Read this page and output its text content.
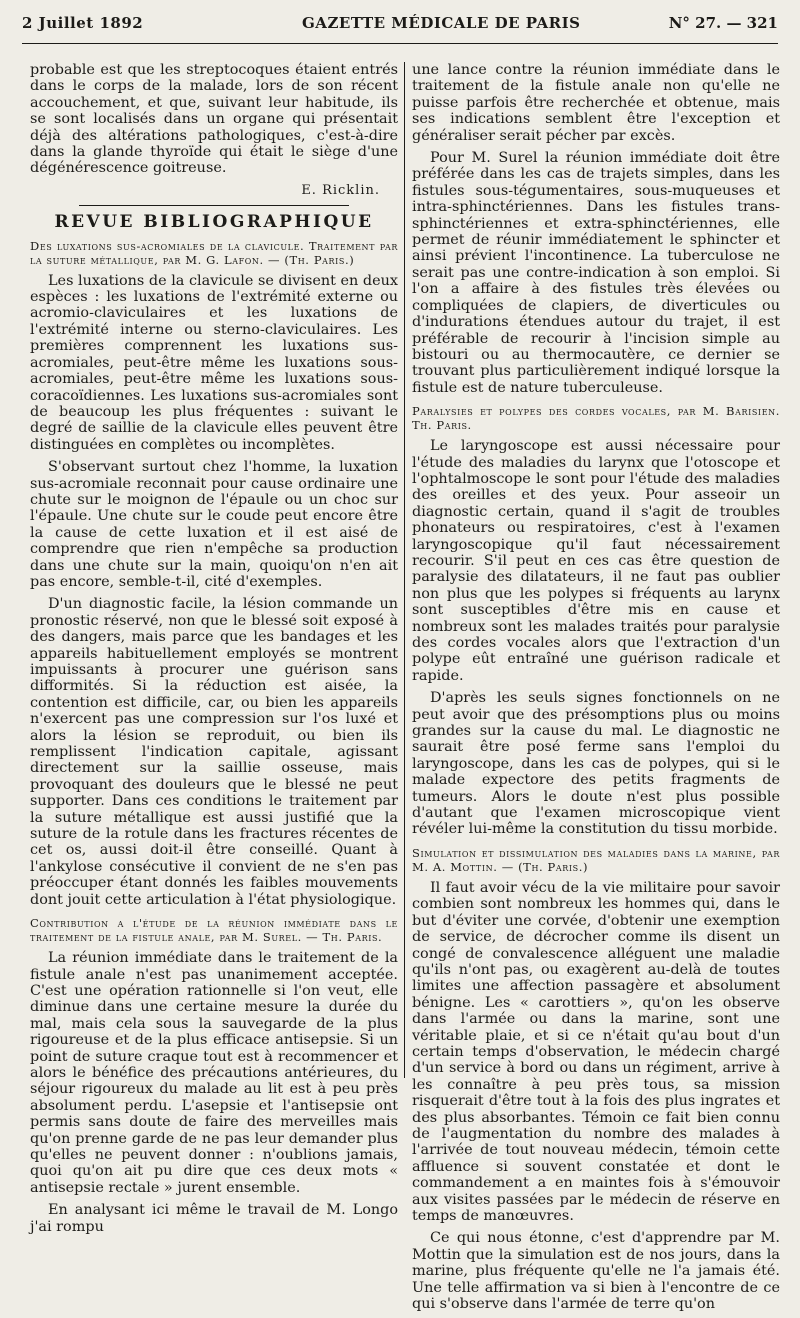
2 Juillet 1892	GAZETTE MÉDICALE DE PARIS	N° 27. — 321

probable est que les streptocoques étaient entrés dans le corps de la malade, lors de son récent accouchement, et que, suivant leur habitude, ils se sont localisés dans un organe qui présentait déjà des altérations pathologiques, c'est-à-dire dans la glande thyroïde qui était le siège d'une dégénérescence goitreuse.

E. Ricklin.
REVUE BIBLIOGRAPHIQUE

Des luxations sus-acromiales de la clavicule. Traitement par la suture métallique, par M. G. Lafon. — (Th. Paris.)

Les luxations de la clavicule se divisent en deux espèces : les luxations de l'extrémité externe ou acromio-claviculaires et les luxations de l'extrémité interne ou sterno-claviculaires. Les premières comprennent les luxations sus-acromiales, peut-être même les luxations sous-acromiales, peut-être même les luxations sous-coracoïdiennes. Les luxations sus-acromiales sont de beaucoup les plus fréquentes : suivant le degré de saillie de la clavicule elles peuvent être distinguées en complètes ou incomplètes.

S'observant surtout chez l'homme, la luxation sus-acromiale reconnait pour cause ordinaire une chute sur le moignon de l'épaule ou un choc sur l'épaule. Une chute sur le coude peut encore être la cause de cette luxation et il est aisé de comprendre que rien n'empêche sa production dans une chute sur la main, quoiqu'on n'en ait pas encore, semble-t-il, cité d'exemples.

D'un diagnostic facile, la lésion commande un pronostic réservé, non que le blessé soit exposé à des dangers, mais parce que les bandages et les appareils habituellement employés se montrent impuissants à procurer une guérison sans difformités. Si la réduction est aisée, la contention est difficile, car, ou bien les appareils n'exercent pas une compression sur l'os luxé et alors la lésion se reproduit, ou bien ils remplissent l'indication capitale, agissant directement sur la saillie osseuse, mais provoquant des douleurs que le blessé ne peut supporter. Dans ces conditions le traitement par la suture métallique est aussi justifié que la suture de la rotule dans les fractures récentes de cet os, aussi doit-il être conseillé. Quant à l'ankylose consécutive il convient de ne s'en pas préoccuper étant donnés les faibles mouvements dont jouit cette articulation à l'état physiologique.

Contribution a l'étude de la réunion immédiate dans le traitement de la fistule anale, par M. Surel. — Th. Paris.

La réunion immédiate dans le traitement de la fistule anale n'est pas unanimement acceptée. C'est une opération rationnelle si l'on veut, elle diminue dans une certaine mesure la durée du mal, mais cela sous la sauvegarde de la plus rigoureuse et de la plus efficace antisepsie. Si un point de suture craque tout est à recommencer et alors le bénéfice des précautions antérieures, du séjour rigoureux du malade au lit est à peu près absolument perdu. L'asepsie et l'antisepsie ont permis sans doute de faire des merveilles mais qu'on prenne garde de ne pas leur demander plus qu'elles ne peuvent donner : n'oublions jamais, quoi qu'on ait pu dire que ces deux mots « antisepsie rectale » jurent ensemble.

En analysant ici même le travail de M. Longo j'ai rompu

une lance contre la réunion immédiate dans le traitement de la fistule anale non qu'elle ne puisse parfois être recherchée et obtenue, mais ses indications semblent être l'exception et généraliser serait pécher par excès.

Pour M. Surel la réunion immédiate doit être préférée dans les cas de trajets simples, dans les fistules sous-tégumentaires, sous-muqueuses et intra-sphinctériennes. Dans les fistules trans-sphinctériennes et extra-sphinctériennes, elle permet de réunir immédiatement le sphincter et ainsi prévient l'incontinence. La tuberculose ne serait pas une contre-indication à son emploi. Si l'on a affaire à des fistules très élevées ou compliquées de clapiers, de diverticules ou d'indurations étendues autour du trajet, il est préférable de recourir à l'incision simple au bistouri ou au thermocautère, ce dernier se trouvant plus particulièrement indiqué lorsque la fistule est de nature tuberculeuse.

Paralysies et polypes des cordes vocales, par M. Barisien. Th. Paris.

Le laryngoscope est aussi nécessaire pour l'étude des maladies du larynx que l'otoscope et l'ophtalmoscope le sont pour l'étude des maladies des oreilles et des yeux. Pour asseoir un diagnostic certain, quand il s'agit de troubles phonateurs ou respiratoires, c'est à l'examen laryngoscopique qu'il faut nécessairement recourir. S'il peut en ces cas être question de paralysie des dilatateurs, il ne faut pas oublier non plus que les polypes si fréquents au larynx sont susceptibles d'être mis en cause et nombreux sont les malades traités pour paralysie des cordes vocales alors que l'extraction d'un polype eût entraîné une guérison radicale et rapide.

D'après les seuls signes fonctionnels on ne peut avoir que des présomptions plus ou moins grandes sur la cause du mal. Le diagnostic ne saurait être posé ferme sans l'emploi du laryngoscope, dans les cas de polypes, qui si le malade expectore des petits fragments de tumeurs. Alors le doute n'est plus possible d'autant que l'examen microscopique vient révéler lui-même la constitution du tissu morbide.

Simulation et dissimulation des maladies dans la marine, par M. A. Mottin. — (Th. Paris.)

Il faut avoir vécu de la vie militaire pour savoir combien sont nombreux les hommes qui, dans le but d'éviter une corvée, d'obtenir une exemption de service, de décrocher comme ils disent un congé de convalescence alléguent une maladie qu'ils n'ont pas, ou exagèrent au-delà de toutes limites une affection passagère et absolument bénigne. Les « carottiers », qu'on les observe dans l'armée ou dans la marine, sont une véritable plaie, et si ce n'était qu'au bout d'un certain temps d'observation, le médecin chargé d'un service à bord ou dans un régiment, arrive à les connaître à peu près tous, sa mission risquerait d'être tout à la fois des plus ingrates et des plus absorbantes. Témoin ce fait bien connu de l'augmentation du nombre des malades à l'arrivée de tout nouveau médecin, témoin cette affluence si souvent constatée et dont le commandement a en maintes fois à s'émouvoir aux visites passées par le médecin de réserve en temps de manœuvres.

Ce qui nous étonne, c'est d'apprendre par M. Mottin que la simulation est de nos jours, dans la marine, plus fréquente qu'elle ne l'a jamais été. Une telle affirmation va si bien à l'encontre de ce qui s'observe dans l'armée de terre qu'on
